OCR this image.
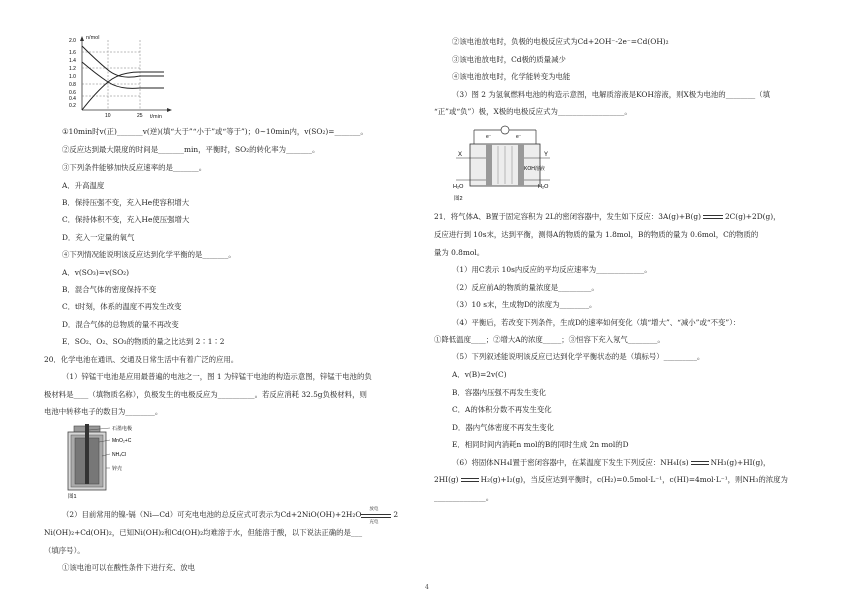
n/mol
t/min
2.0
1.6
1.4
1.2
1.0
0.8
0.6
0.4
0.2
10	25
①10min时v(正)_______v(逆)(填“大于”“小于”或“等于”)；0~10min内，v(SO₂)=_______。
②反应达到最大限度的时间是_______min，平衡时，SO₂的转化率为_______。
③下列条件能够加快反应速率的是_______。
A．升高温度
B．保持压强不变，充入He使容积增大
C．保持体积不变，充入He使压强增大
D．充入一定量的氧气
④下列情况能说明该反应达到化学平衡的是_______。
A．v(SO₃)=v(SO₂)
B．混合气体的密度保持不变
C．t时刻，体系的温度不再发生改变
D．混合气体的总物质的量不再改变
E．SO₂、O₂、SO₃的物质的量之比达到 2∶1∶2
20．化学电池在通讯、交通及日常生活中有着广泛的应用。
（1）锌锰干电池是应用最普遍的电池之一，图 1 为锌锰干电池的构造示意图，锌锰干电池的负
极材料是____（填物质名称），负极发生的电极反应为__________。若反应消耗 32.5g负极材料，则
电池中转移电子的数目为________。
石墨电极
MnO₂+C
NH₄Cl
锌壳
图1
（2）目前常用的镍-镉（Ni—Cd）可充电电池的总反应式可表示为Cd+2NiO(OH)+2H₂O
放电
充电
2
Ni(OH)₂+Cd(OH)₂，已知Ni(OH)₂和Cd(OH)₂均难溶于水，但能溶于酸，以下说法正确的是___
（填序号）。
①该电池可以在酸性条件下进行充、放电
②该电池放电时，负极的电极反应式为Cd+2OH⁻-2e⁻=Cd(OH)₂
③该电池放电时，Cd极的质量减少
④该电池放电时，化学能转变为电能
（3）图 2 为氢氧燃料电池的构造示意图，电解质溶液是KOH溶液，则X极为电池的________（填
“正”或“负”）极，X极的电极反应式为__________________。
e⁻	e⁻
X	Y
KOH溶液
H₂O	H₂O
图2
21．将气体A、B置于固定容积为 2L的密闭容器中，发生如下反应：3A(g)+B(g)	2C(g)+2D(g)，
反应进行到 10s末，达到平衡，测得A的物质的量为 1.8mol，B的物质的量为 0.6mol，C的物质的
量为 0.8mol。
（1）用C表示 10s内反应的平均反应速率为_____________。
（2）反应前A的物质的量浓度是_________。
（3）10 s末，生成物D的浓度为________。
（4）平衡后，若改变下列条件，生成D的速率如何变化（填“增大”、“减小”或“不变”）：
①降低温度____；②增大A的浓度_____；③恒容下充入氖气________。
（5）下列叙述能说明该反应已达到化学平衡状态的是（填标号）_________。
A．v(B)=2v(C)
B．容器内压强不再发生变化
C．A的体积分数不再发生变化
D．器内气体密度不再发生变化
E．相同时间内消耗n mol的B的同时生成 2n mol的D
（6）将固体NH₄I置于密闭容器中，在某温度下发生下列反应：NH₄I(s)	NH₃(g)+HI(g)，
2HI(g)	H₂(g)+I₂(g)，当反应达到平衡时，c(H₂)=0.5mol·L⁻¹，c(HI)=4mol·L⁻¹，则NH₃的浓度为
______________。
4
